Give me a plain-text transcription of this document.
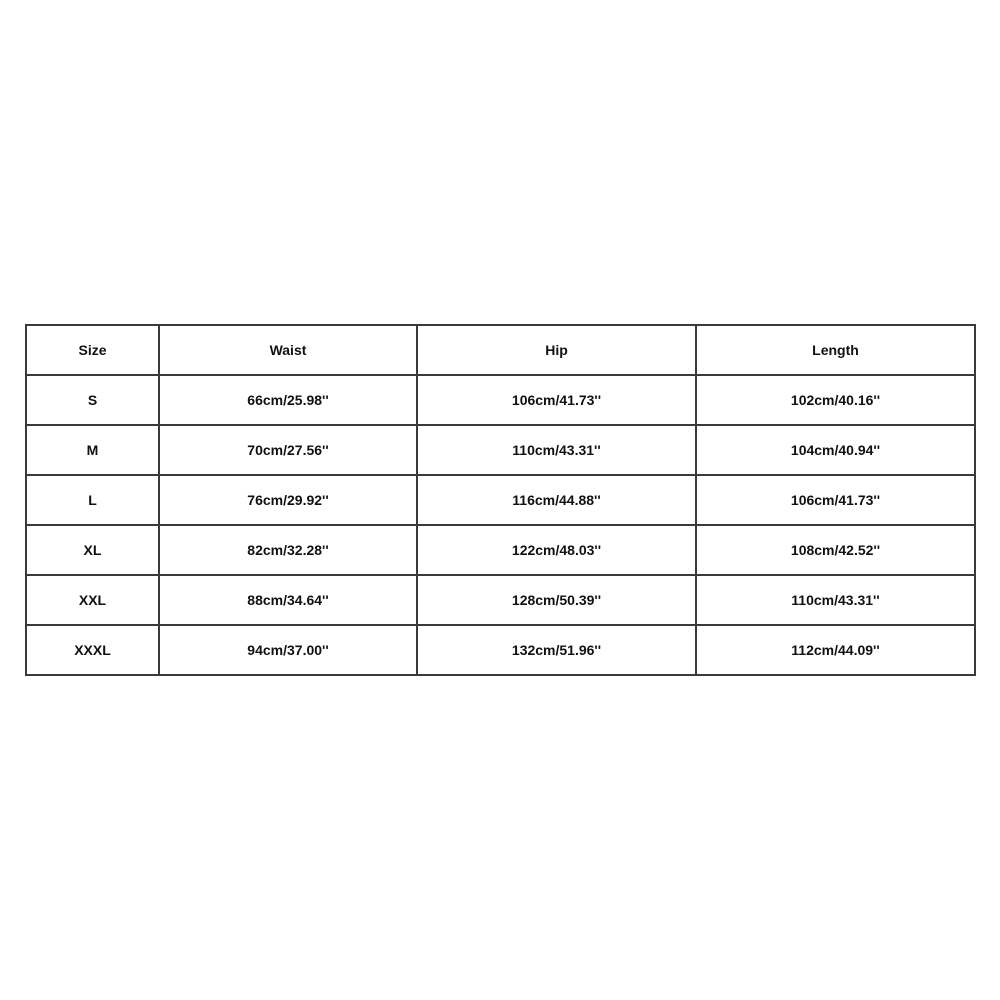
Size	Waist	Hip	Length
S	66cm/25.98''	106cm/41.73''	102cm/40.16''
M	70cm/27.56''	110cm/43.31''	104cm/40.94''
L	76cm/29.92''	116cm/44.88''	106cm/41.73''
XL	82cm/32.28''	122cm/48.03''	108cm/42.52''
XXL	88cm/34.64''	128cm/50.39''	110cm/43.31''
XXXL	94cm/37.00''	132cm/51.96''	112cm/44.09''
